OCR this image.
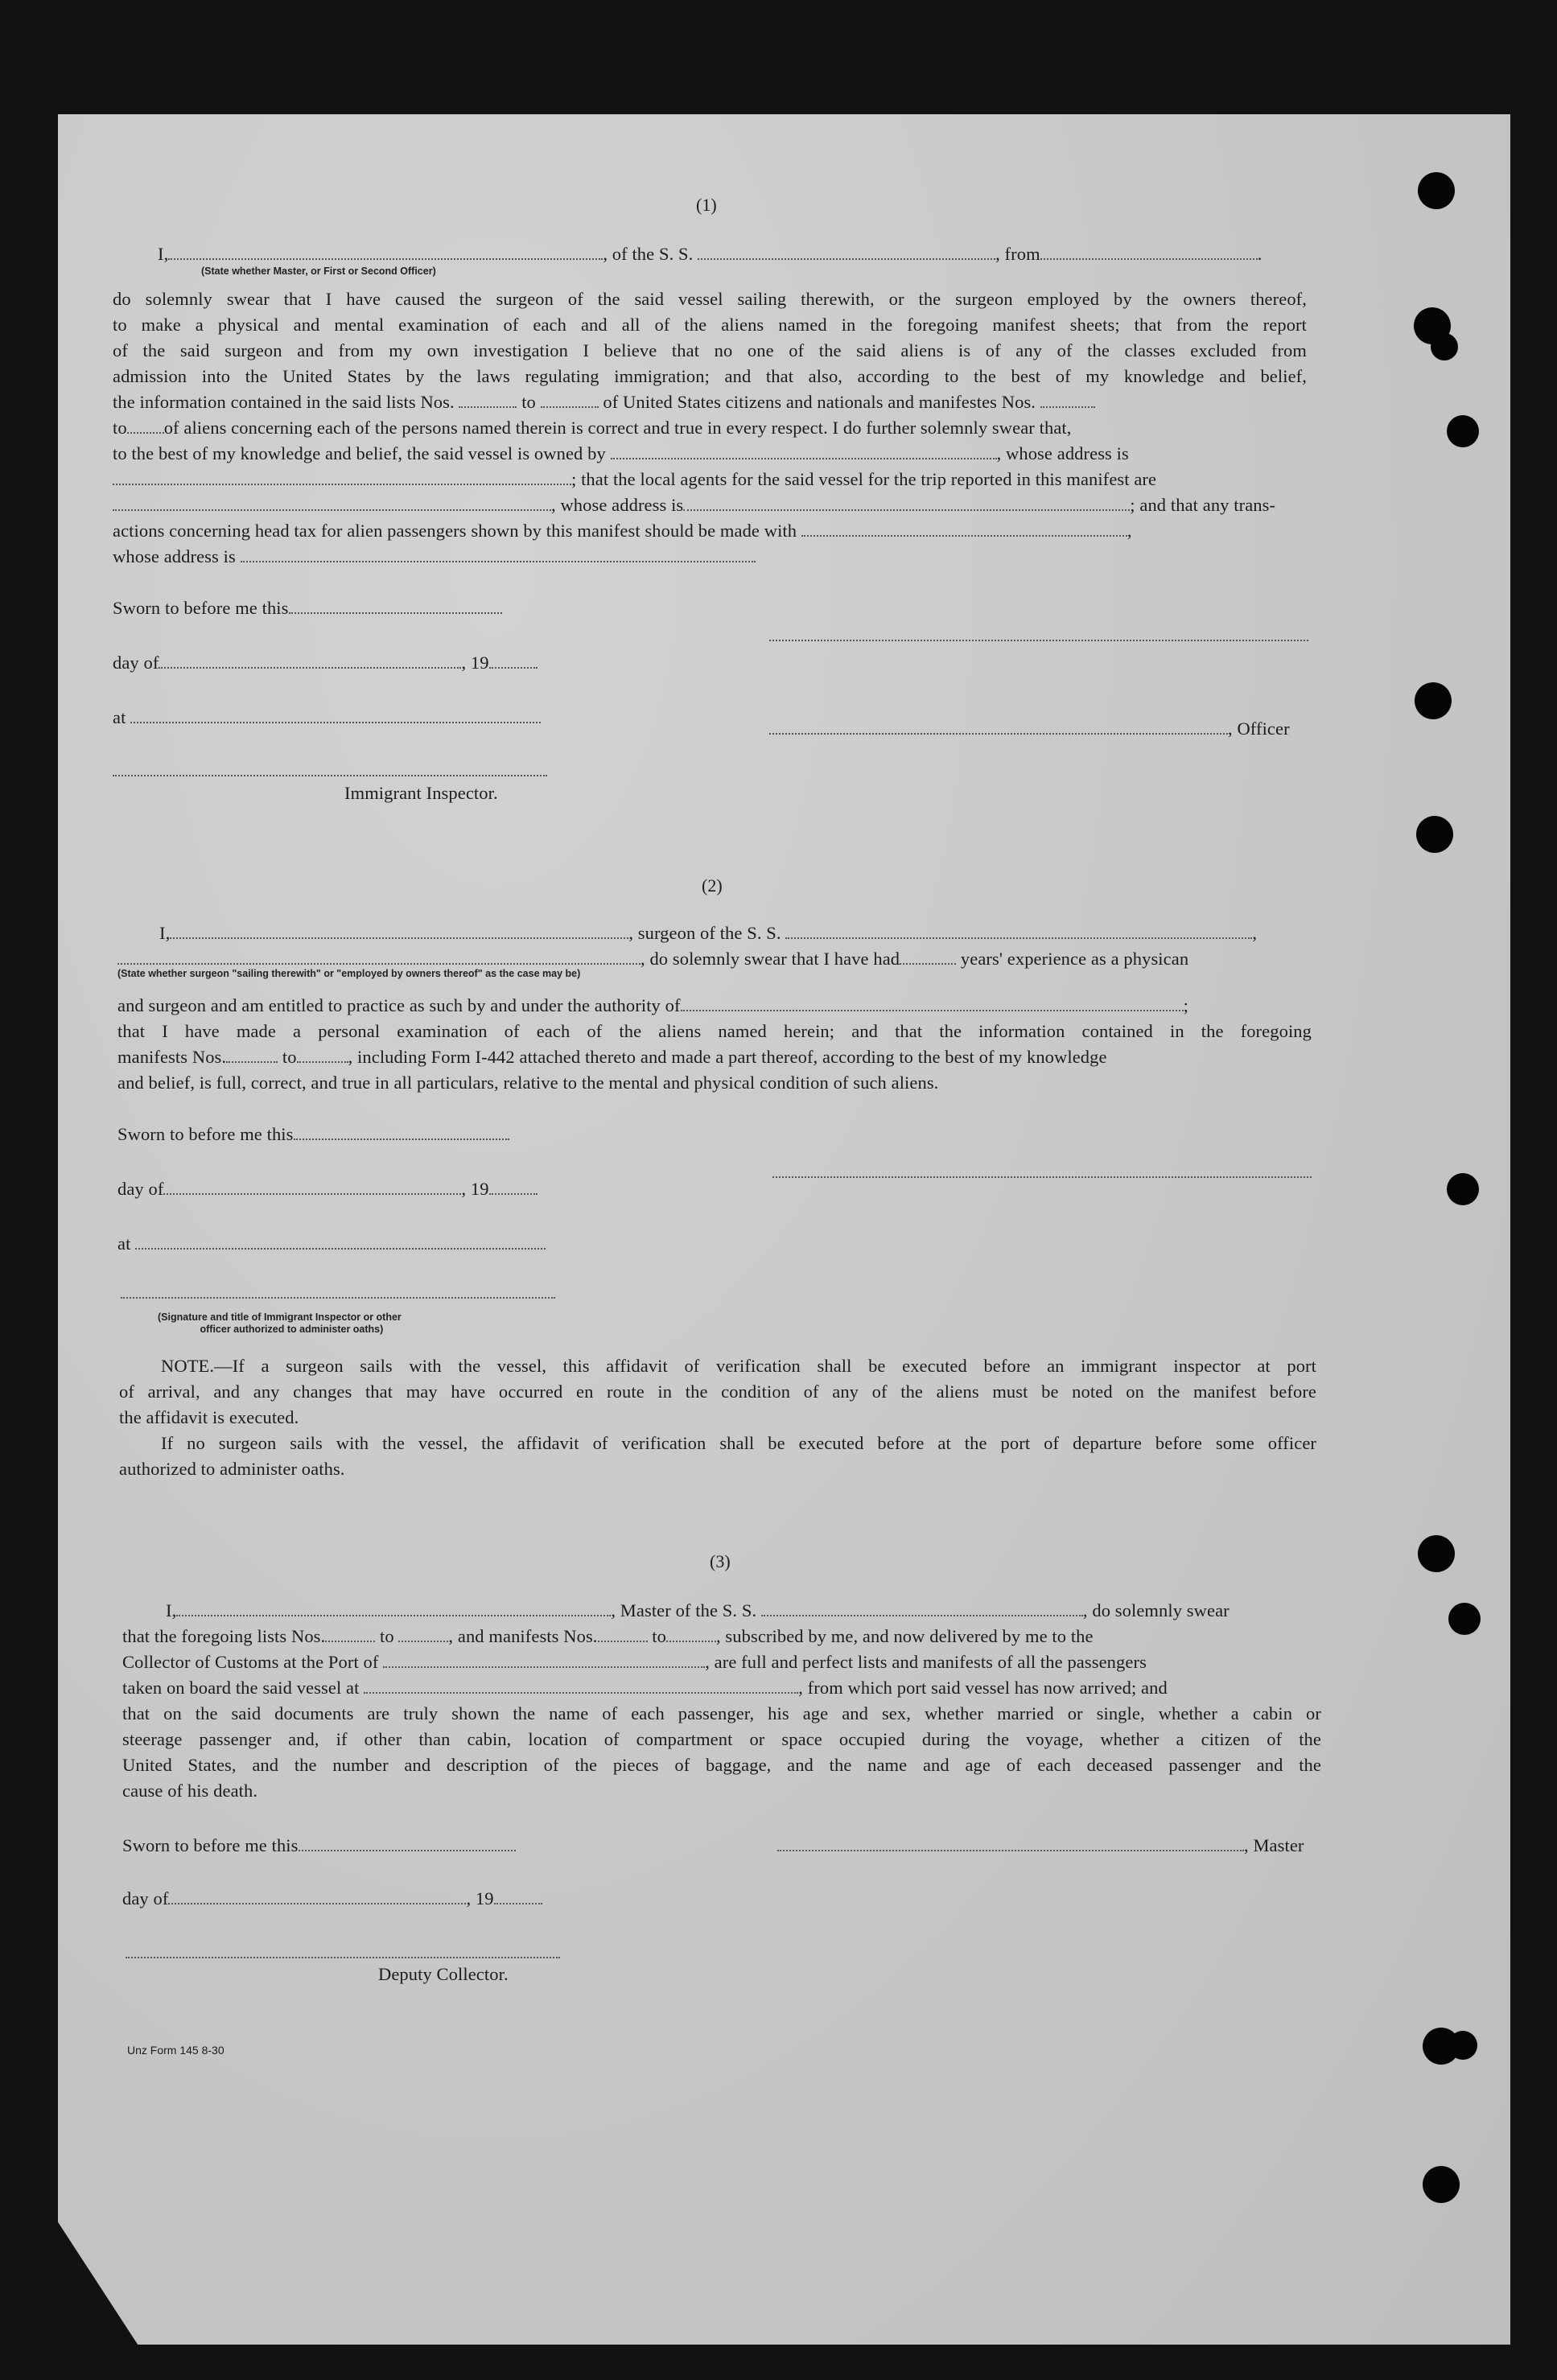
(1)
I,	, of the S. S.	, from	.
(State whether Master, or First or Second Officer)
do solemnly swear that I have caused the surgeon of the said vessel sailing therewith, or the surgeon employed by the owners thereof,
to make a physical and mental examination of each and all of the aliens named in the foregoing manifest sheets; that from the report
of the said surgeon and from my own investigation I believe that no one of the said aliens is of any of the classes excluded from
admission into the United States by the laws regulating immigration; and that also, according to the best of my knowledge and belief,
the information contained in the said lists Nos.	to	of United States citizens and nationals and manifestes Nos.
to of aliens concerning each of the persons named therein is correct and true in every respect. I do further solemnly swear that,
to the best of my knowledge and belief, the said vessel is owned by	, whose address is
; that the local agents for the said vessel for the trip reported in this manifest are
, whose address is	; and that any trans-
actions concerning head tax for alien passengers shown by this manifest should be made with	,
whose address is
Sworn to before me this
day of	, 19
at
, Officer
Immigrant Inspector.
(2)
I,	, surgeon of the S. S.	,
, do solemnly swear that I have had	years' experience as a physican
(State whether surgeon "sailing therewith" or "employed by owners thereof" as the case may be)
and surgeon and am entitled to practice as such by and under the authority of	;
that I have made a personal examination of each of the aliens named herein; and that the information contained in the foregoing
manifests Nos.	to	, including Form I-442 attached thereto and made a part thereof, according to the best of my knowledge
and belief, is full, correct, and true in all particulars, relative to the mental and physical condition of such aliens.
Sworn to before me this
day of	, 19
at
(Signature and title of Immigrant Inspector or other
officer authorized to administer oaths)
NOTE.—If a surgeon sails with the vessel, this affidavit of verification shall be executed before an immigrant inspector at port
of arrival, and any changes that may have occurred en route in the condition of any of the aliens must be noted on the manifest before
the affidavit is executed.
If no surgeon sails with the vessel, the affidavit of verification shall be executed before at the port of departure before some officer
authorized to administer oaths.
(3)
I,	, Master of the S. S.	, do solemnly swear
that the foregoing lists Nos.	to	, and manifests Nos.	to	, subscribed by me, and now delivered by me to the
Collector of Customs at the Port of	, are full and perfect lists and manifests of all the passengers
taken on board the said vessel at	, from which port said vessel has now arrived; and
that on the said documents are truly shown the name of each passenger, his age and sex, whether married or single, whether a cabin or
steerage passenger and, if other than cabin, location of compartment or space occupied during the voyage, whether a citizen of the
United States, and the number and description of the pieces of baggage, and the name and age of each deceased passenger and the
cause of his death.
Sworn to before me this	, Master
day of	, 19
Deputy Collector.
Unz Form 145 8-30
